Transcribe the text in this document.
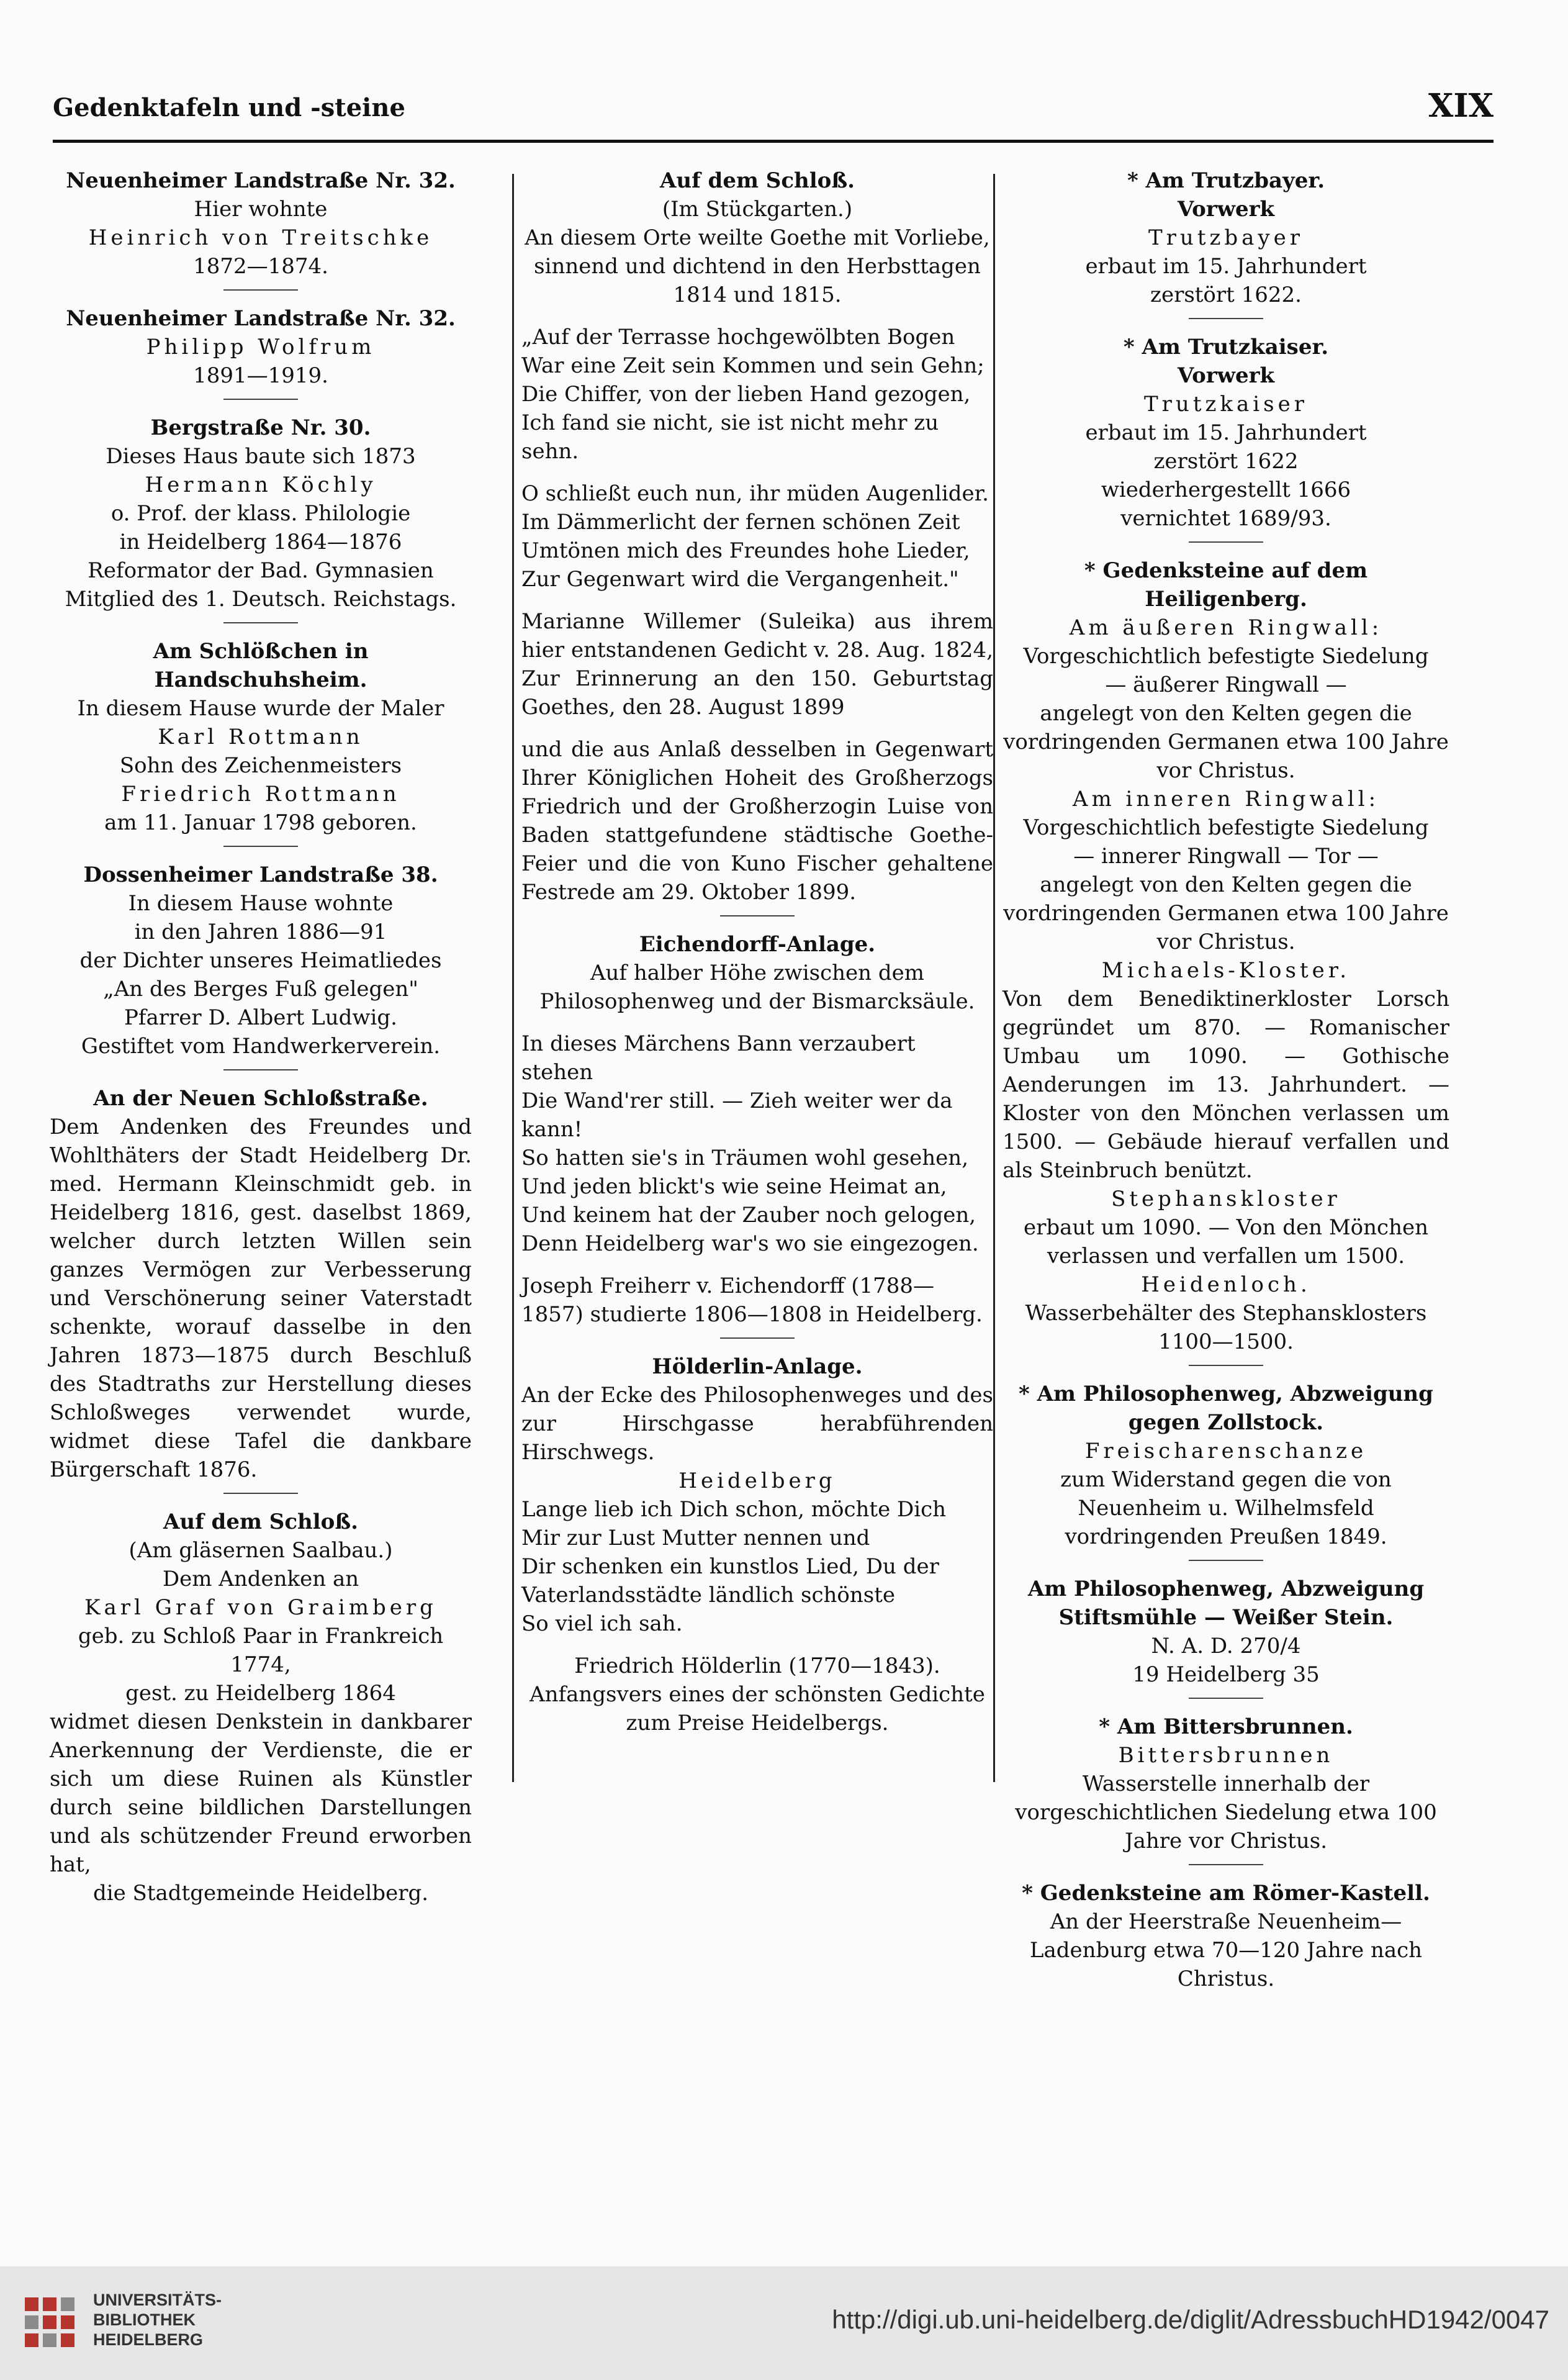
Gedenktafeln und -steine	XIX

Neuenheimer Landstraße Nr. 32.

Hier wohnte

Heinrich von Treitschke

1872—1874.

Neuenheimer Landstraße Nr. 32.

Philipp Wolfrum

1891—1919.

Bergstraße Nr. 30.

Dieses Haus baute sich 1873

Hermann Köchly

o. Prof. der klass. Philologie

in Heidelberg 1864—1876

Reformator der Bad. Gymnasien

Mitglied des 1. Deutsch. Reichstags.

Am Schlößchen in Handschuhsheim.

In diesem Hause wurde der Maler

Karl Rottmann

Sohn des Zeichenmeisters

Friedrich Rottmann

am 11. Januar 1798 geboren.

Dossenheimer Landstraße 38.

In diesem Hause wohnte

in den Jahren 1886—91

der Dichter unseres Heimatliedes

„An des Berges Fuß gelegen"

Pfarrer D. Albert Ludwig.

Gestiftet vom Handwerkerverein.

An der Neuen Schloßstraße.

Dem Andenken des Freundes und Wohlthäters der Stadt Heidelberg Dr. med. Hermann Kleinschmidt geb. in Heidelberg 1816, gest. daselbst 1869, welcher durch letzten Willen sein ganzes Vermögen zur Verbesserung und Verschönerung seiner Vaterstadt schenkte, worauf dasselbe in den Jahren 1873—1875 durch Beschluß des Stadtraths zur Herstellung dieses Schloßweges verwendet wurde, widmet diese Tafel die dankbare Bürgerschaft 1876.

Auf dem Schloß.

(Am gläsernen Saalbau.)

Dem Andenken an

Karl Graf von Graimberg

geb. zu Schloß Paar in Frankreich 1774,

gest. zu Heidelberg 1864

widmet diesen Denkstein in dankbarer Anerkennung der Verdienste, die er sich um diese Ruinen als Künstler durch seine bildlichen Darstellungen und als schützender Freund erworben hat,

die Stadtgemeinde Heidelberg.

Auf dem Schloß.

(Im Stückgarten.)

An diesem Orte weilte Goethe mit Vorliebe, sinnend und dichtend in den Herbsttagen 1814 und 1815.

„Auf der Terrasse hochgewölbten Bogen

War eine Zeit sein Kommen und sein Gehn;

Die Chiffer, von der lieben Hand gezogen,

Ich fand sie nicht, sie ist nicht mehr zu sehn.

O schließt euch nun, ihr müden Augenlider.

Im Dämmerlicht der fernen schönen Zeit

Umtönen mich des Freundes hohe Lieder,

Zur Gegenwart wird die Vergangenheit."

Marianne Willemer (Suleika) aus ihrem hier entstandenen Gedicht v. 28. Aug. 1824, Zur Erinnerung an den 150. Geburtstag Goethes, den 28. August 1899

und die aus Anlaß desselben in Gegenwart Ihrer Königlichen Hoheit des Großherzogs Friedrich und der Großherzogin Luise von Baden stattgefundene städtische Goethe-Feier und die von Kuno Fischer gehaltene Festrede am 29. Oktober 1899.

Eichendorff-Anlage.

Auf halber Höhe zwischen dem Philosophenweg und der Bismarcksäule.

In dieses Märchens Bann verzaubert stehen

Die Wand'rer still. — Zieh weiter wer da kann!

So hatten sie's in Träumen wohl gesehen,

Und jeden blickt's wie seine Heimat an,

Und keinem hat der Zauber noch gelogen,

Denn Heidelberg war's wo sie eingezogen.

Joseph Freiherr v. Eichendorff (1788—1857) studierte 1806—1808 in Heidelberg.

Hölderlin-Anlage.

An der Ecke des Philosophenweges und des zur Hirschgasse herabführenden Hirschwegs.

Heidelberg

Lange lieb ich Dich schon, möchte Dich

Mir zur Lust Mutter nennen und

Dir schenken ein kunstlos Lied, Du der

Vaterlandsstädte ländlich schönste

So viel ich sah.

Friedrich Hölderlin (1770—1843).

Anfangsvers eines der schönsten Gedichte zum Preise Heidelbergs.

* Am Trutzbayer.

Vorwerk

Trutzbayer

erbaut im 15. Jahrhundert

zerstört 1622.

* Am Trutzkaiser.

Vorwerk

Trutzkaiser

erbaut im 15. Jahrhundert

zerstört 1622

wiederhergestellt 1666

vernichtet 1689/93.

* Gedenksteine auf dem Heiligenberg.

Am äußeren Ringwall:

Vorgeschichtlich befestigte Siedelung

— äußerer Ringwall —

angelegt von den Kelten gegen die vordringenden Germanen etwa 100 Jahre vor Christus.

Am inneren Ringwall:

Vorgeschichtlich befestigte Siedelung

— innerer Ringwall — Tor —

angelegt von den Kelten gegen die vordringenden Germanen etwa 100 Jahre vor Christus.

Michaels-Kloster.

Von dem Benediktinerkloster Lorsch gegründet um 870. — Romanischer Umbau um 1090. — Gothische Aenderungen im 13. Jahrhundert. — Kloster von den Mönchen verlassen um 1500. — Gebäude hierauf verfallen und als Steinbruch benützt.

Stephanskloster

erbaut um 1090. — Von den Mönchen verlassen und verfallen um 1500.

Heidenloch.

Wasserbehälter des Stephansklosters

1100—1500.

* Am Philosophenweg, Abzweigung gegen Zollstock.

Freischarenschanze

zum Widerstand gegen die von Neuenheim u. Wilhelmsfeld vordringenden Preußen 1849.

Am Philosophenweg, Abzweigung Stiftsmühle — Weißer Stein.

N. A. D. 270/4

19 Heidelberg 35

* Am Bittersbrunnen.

Bittersbrunnen

Wasserstelle innerhalb der vorgeschichtlichen Siedelung etwa 100 Jahre vor Christus.

* Gedenksteine am Römer-Kastell.

An der Heerstraße Neuenheim—Ladenburg etwa 70—120 Jahre nach Christus.

UNIVERSITÄTS-
BIBLIOTHEK
HEIDELBERG
http://digi.ub.uni-heidelberg.de/diglit/AdressbuchHD1942/0047
